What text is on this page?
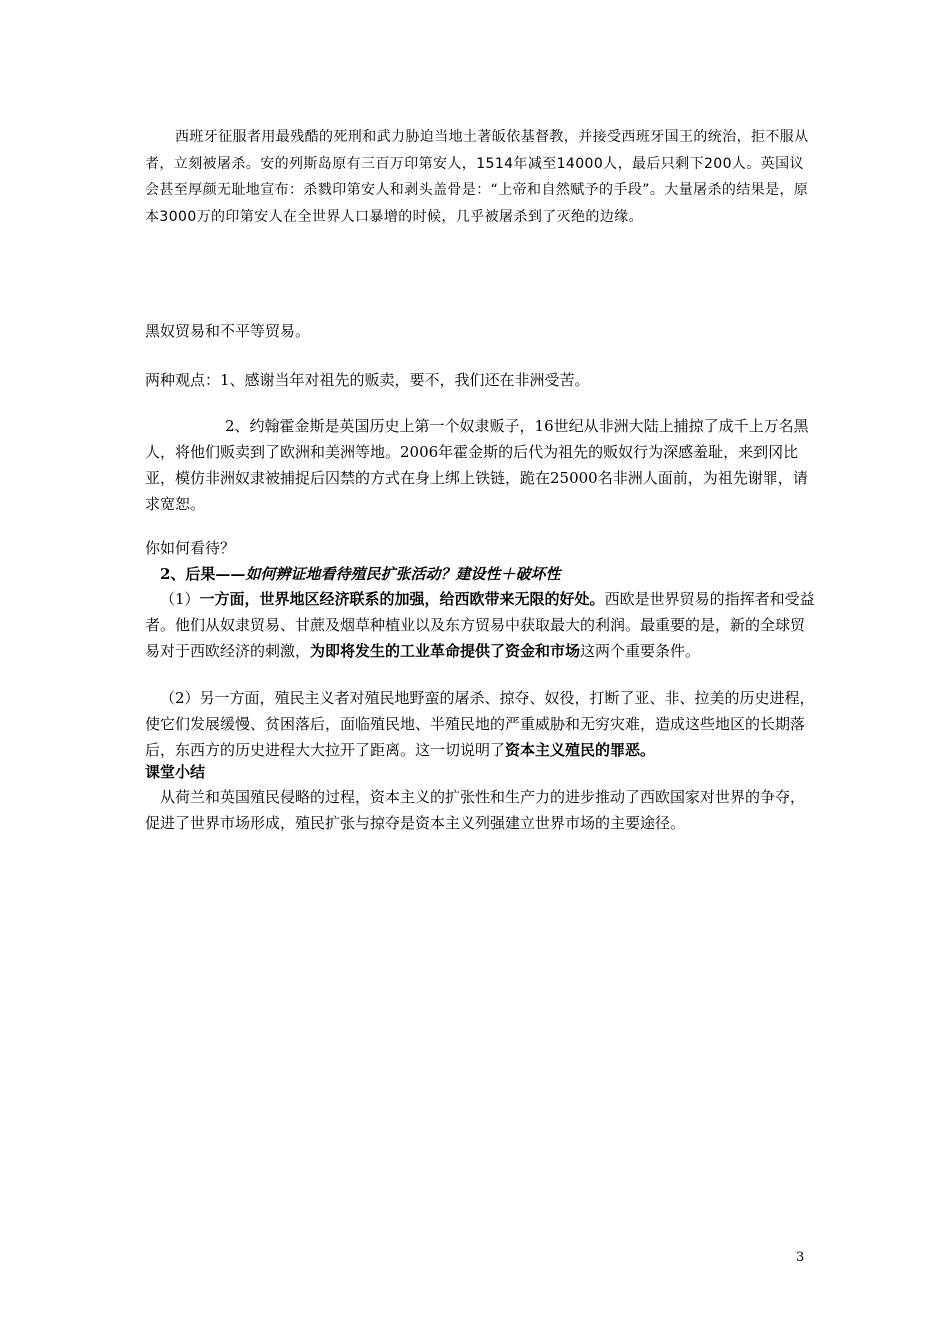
西班牙征服者用最残酷的死刑和武力胁迫当地土著皈依基督教，并接受西班牙国王的统治，拒不服从者，立刻被屠杀。安的列斯岛原有三百万印第安人，1514年减至14000人，最后只剩下200人。英国议会甚至厚颜无耻地宣布：杀戮印第安人和剥头盖骨是：“上帝和自然赋予的手段”。大量屠杀的结果是，原本3000万的印第安人在全世界人口暴增的时候，几乎被屠杀到了灭绝的边缘。

黑奴贸易和不平等贸易。

两种观点：1、感谢当年对祖先的贩卖，要不，我们还在非洲受苦。

2、约翰霍金斯是英国历史上第一个奴隶贩子，16世纪从非洲大陆上捕掠了成千上万名黑人，将他们贩卖到了欧洲和美洲等地。2006年霍金斯的后代为祖先的贩奴行为深感羞耻，来到冈比亚，模仿非洲奴隶被捕捉后囚禁的方式在身上绑上铁链，跪在25000名非洲人面前，为祖先谢罪，请求宽恕。

你如何看待？

2、后果——如何辨证地看待殖民扩张活动？建设性＋破坏性

（1）一方面，世界地区经济联系的加强，给西欧带来无限的好处。西欧是世界贸易的指挥者和受益者。他们从奴隶贸易、甘蔗及烟草种植业以及东方贸易中获取最大的利润。最重要的是，新的全球贸易对于西欧经济的刺激，为即将发生的工业革命提供了资金和市场这两个重要条件。

（2）另一方面，殖民主义者对殖民地野蛮的屠杀、掠夺、奴役，打断了亚、非、拉美的历史进程，使它们发展缓慢、贫困落后，面临殖民地、半殖民地的严重威胁和无穷灾难，造成这些地区的长期落后，东西方的历史进程大大拉开了距离。这一切说明了资本主义殖民的罪恶。

课堂小结

从荷兰和英国殖民侵略的过程，资本主义的扩张性和生产力的进步推动了西欧国家对世界的争夺，促进了世界市场形成，殖民扩张与掠夺是资本主义列强建立世界市场的主要途径。

3
